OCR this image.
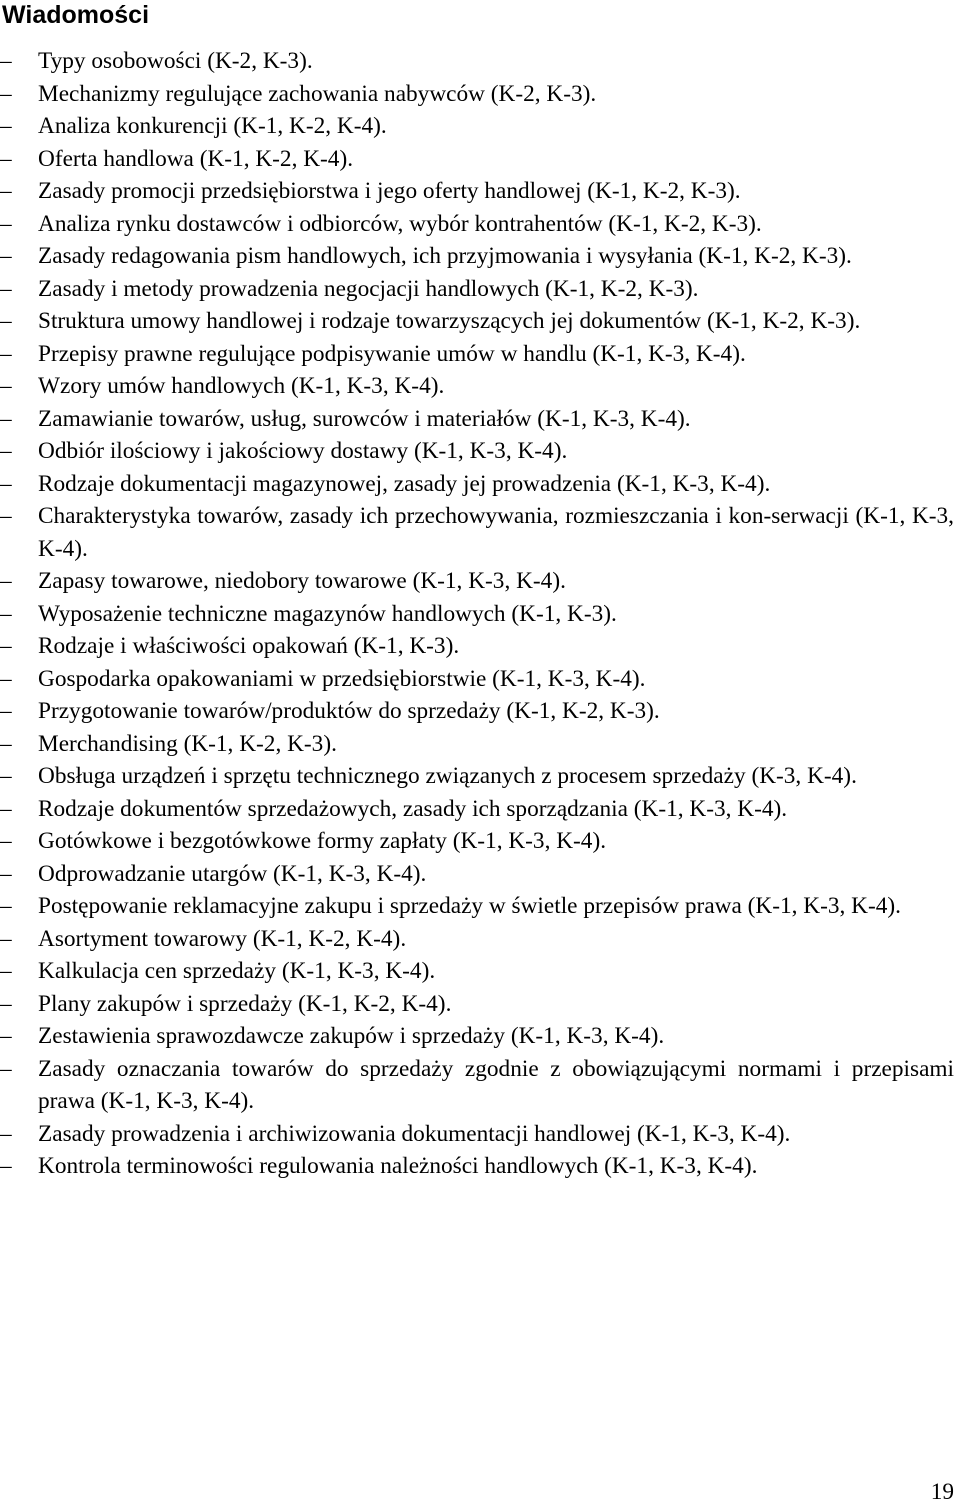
Wiadomości
– Typy osobowości (K-2, K-3).
– Mechanizmy regulujące zachowania nabywców (K-2, K-3).
– Analiza konkurencji (K-1, K-2, K-4).
– Oferta handlowa (K-1, K-2, K-4).
– Zasady promocji przedsiębiorstwa i jego oferty handlowej (K-1, K-2, K-3).
– Analiza rynku dostawców i odbiorców, wybór kontrahentów (K-1, K-2, K-3).
– Zasady redagowania pism handlowych, ich przyjmowania i wysyłania (K-1, K-2, K-3).
– Zasady i metody prowadzenia negocjacji handlowych (K-1, K-2, K-3).
– Struktura umowy handlowej i rodzaje towarzyszących jej dokumentów (K-1, K-2, K-3).
– Przepisy prawne regulujące podpisywanie umów w handlu (K-1, K-3, K-4).
– Wzory umów handlowych (K-1, K-3, K-4).
– Zamawianie towarów, usług, surowców i materiałów (K-1, K-3, K-4).
– Odbiór ilościowy i jakościowy dostawy (K-1, K-3, K-4).
– Rodzaje dokumentacji magazynowej, zasady jej prowadzenia (K-1, K-3, K-4).
– Charakterystyka towarów, zasady ich przechowywania, rozmieszczania i kon-serwacji (K-1, K-3, K-4).
– Zapasy towarowe, niedobory towarowe (K-1, K-3, K-4).
– Wyposażenie techniczne magazynów handlowych (K-1, K-3).
– Rodzaje i właściwości opakowań (K-1, K-3).
– Gospodarka opakowaniami w przedsiębiorstwie (K-1, K-3, K-4).
– Przygotowanie towarów/produktów do sprzedaży (K-1, K-2, K-3).
– Merchandising (K-1, K-2, K-3).
– Obsługa urządzeń i sprzętu technicznego związanych z procesem sprzedaży (K-3, K-4).
– Rodzaje dokumentów sprzedażowych, zasady ich sporządzania (K-1, K-3, K-4).
– Gotówkowe i bezgotówkowe formy zapłaty (K-1, K-3, K-4).
– Odprowadzanie utargów (K-1, K-3, K-4).
– Postępowanie reklamacyjne zakupu i sprzedaży w świetle przepisów prawa (K-1, K-3, K-4).
– Asortyment towarowy (K-1, K-2, K-4).
– Kalkulacja cen sprzedaży (K-1, K-3, K-4).
– Plany zakupów i sprzedaży (K-1, K-2, K-4).
– Zestawienia sprawozdawcze zakupów i sprzedaży (K-1, K-3, K-4).
– Zasady oznaczania towarów do sprzedaży zgodnie z obowiązującymi normami i przepisami prawa (K-1, K-3, K-4).
– Zasady prowadzenia i archiwizowania dokumentacji handlowej (K-1, K-3, K-4).
– Kontrola terminowości regulowania należności handlowych (K-1, K-3, K-4).
19
